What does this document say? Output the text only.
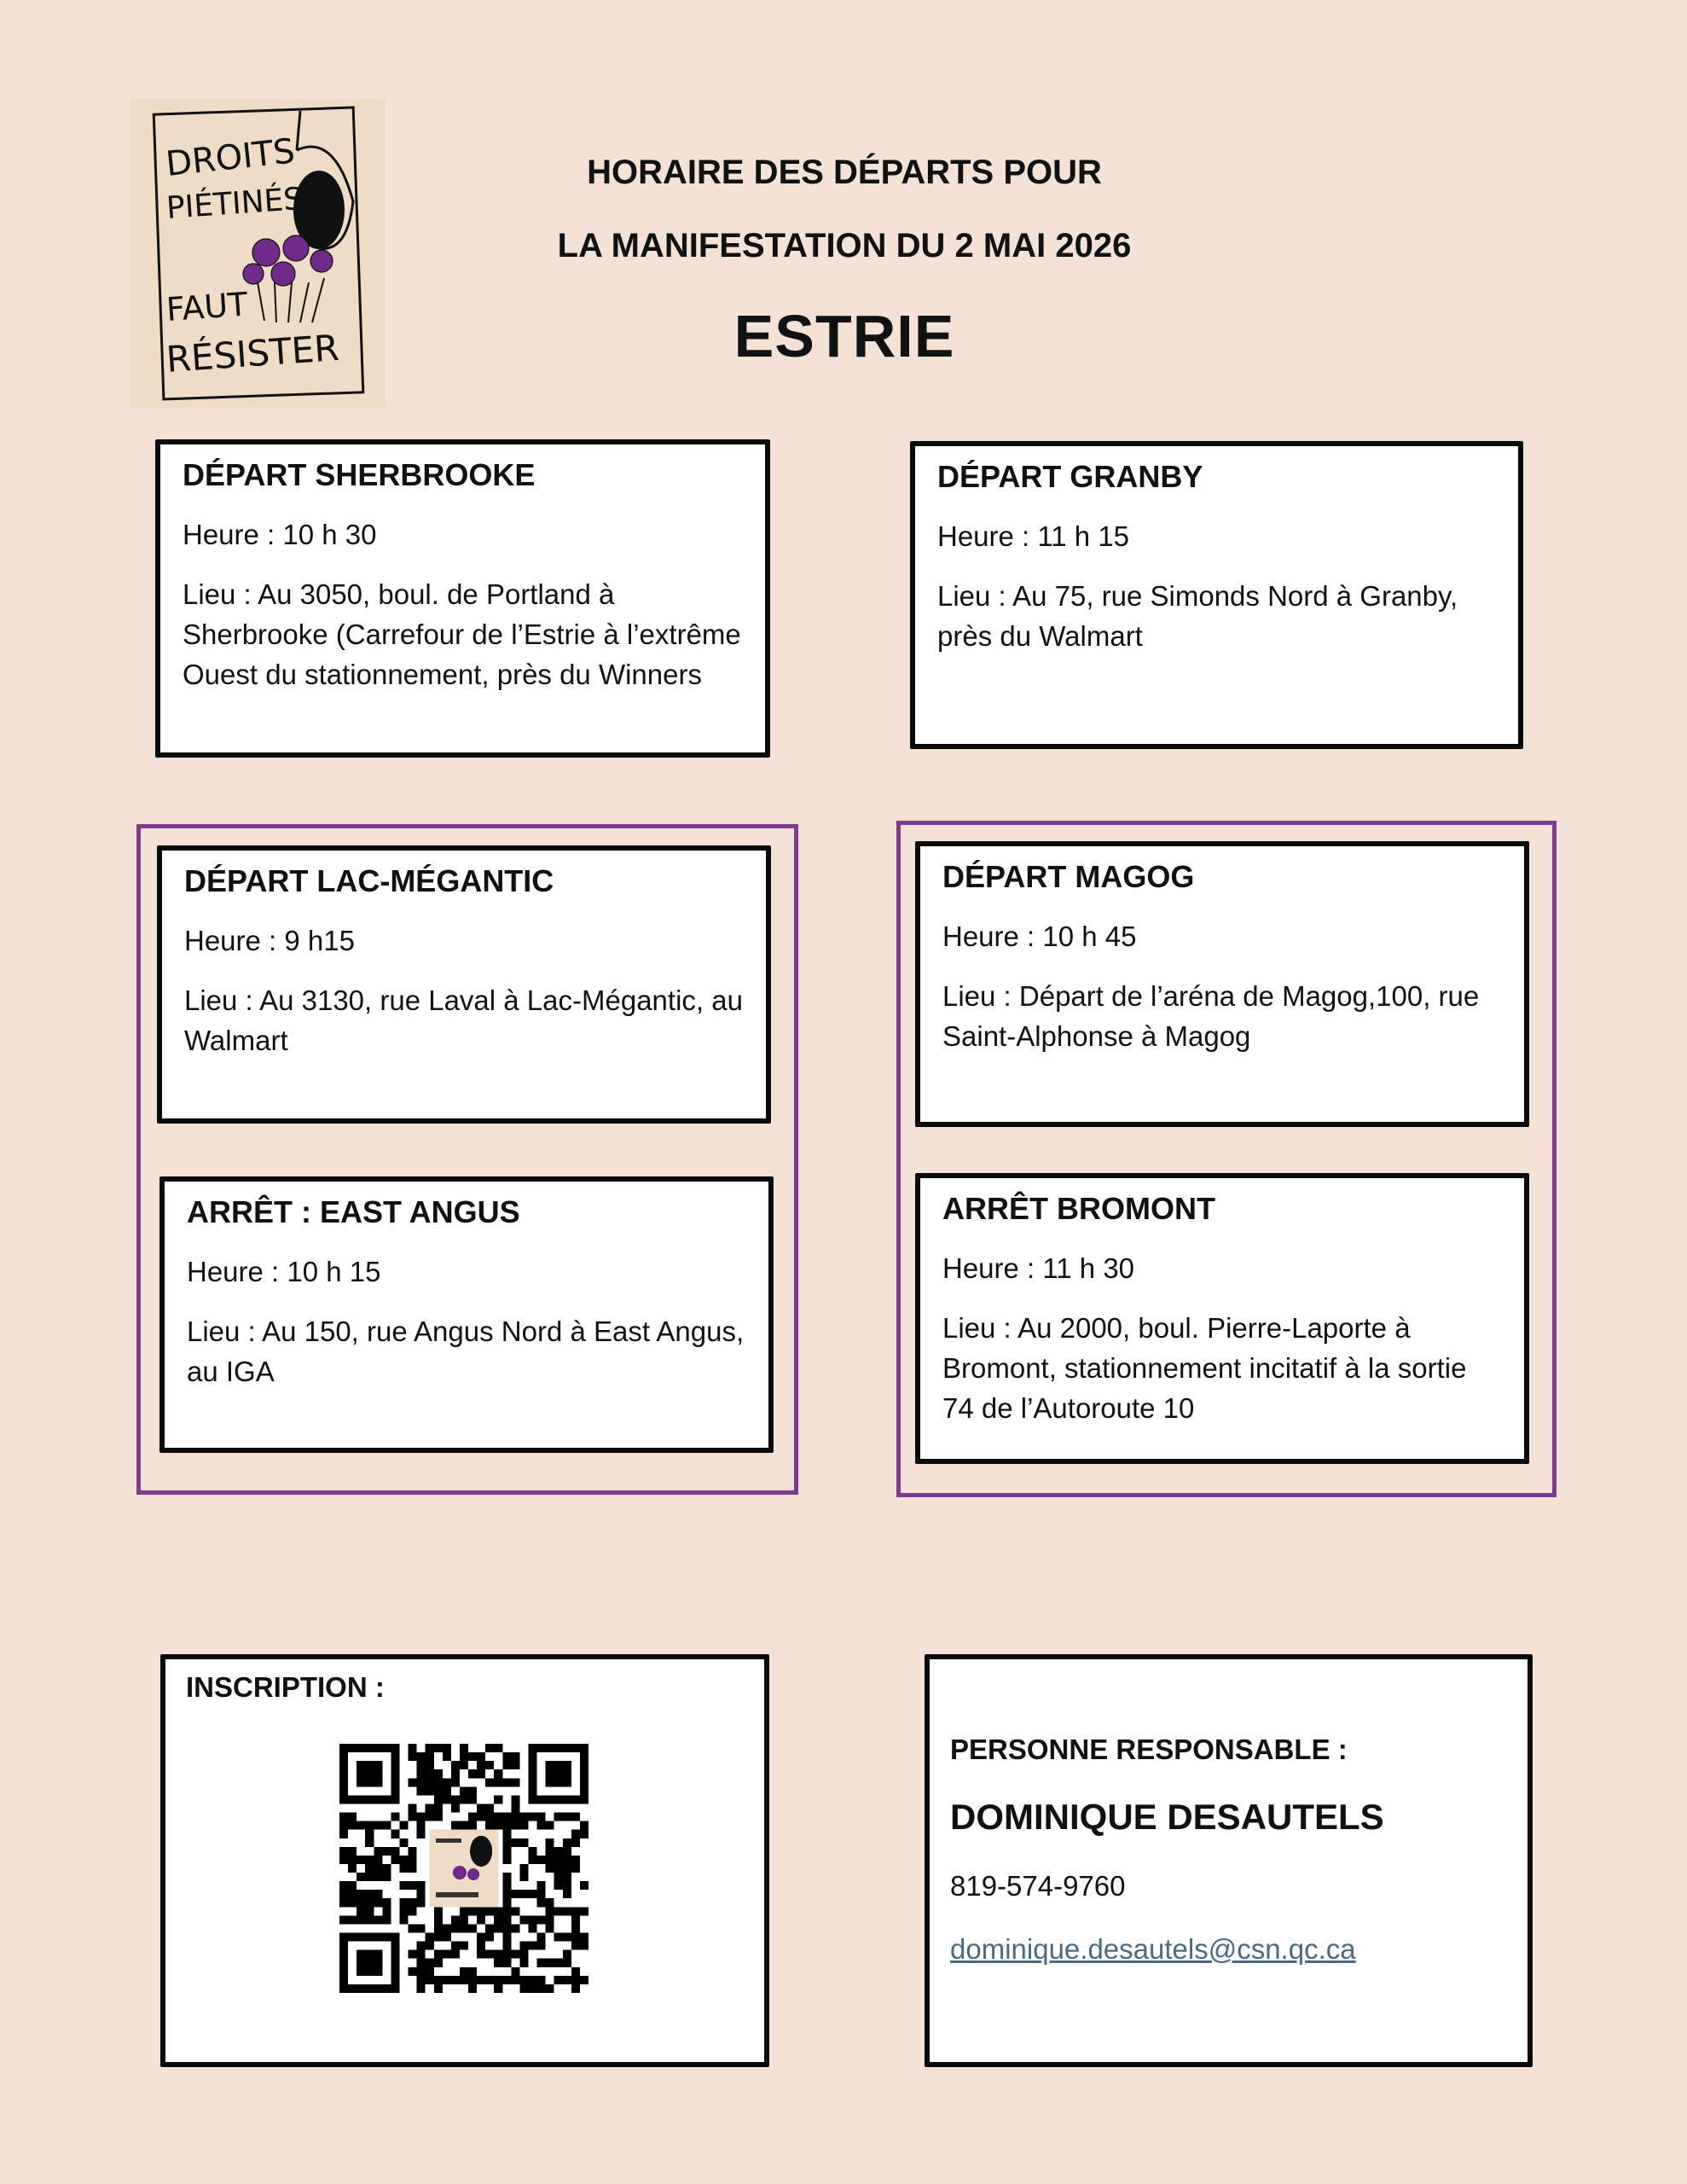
DROITS
PIÉTINÉS
FAUT
RÉSISTER
HORAIRE DES DÉPARTS POUR
LA MANIFESTATION DU 2 MAI 2026
ESTRIE

DÉPART SHERBROOKE

Heure : 10 h 30

Lieu : Au 3050, boul. de Portland à Sherbrooke (Carrefour de l’Estrie à l’extrême Ouest du stationnement, près du Winners

DÉPART GRANBY

Heure : 11 h 15

Lieu : Au 75, rue Simonds Nord à Granby, près du Walmart

DÉPART LAC-MÉGANTIC

Heure : 9 h15

Lieu : Au 3130, rue Laval à Lac-Mégantic, au Walmart

ARRÊT : EAST ANGUS

Heure : 10 h 15

Lieu : Au 150, rue Angus Nord à East Angus, au IGA

DÉPART MAGOG

Heure : 10 h 45

Lieu : Départ de l’aréna de Magog,100, rue Saint-Alphonse à Magog

ARRÊT BROMONT

Heure : 11 h 30

Lieu : Au 2000, boul. Pierre-Laporte à Bromont, stationnement incitatif à la sortie 74 de l’Autoroute 10

INSCRIPTION :
PERSONNE RESPONSABLE :
DOMINIQUE DESAUTELS
819-574-9760
dominique.desautels@csn.qc.ca
